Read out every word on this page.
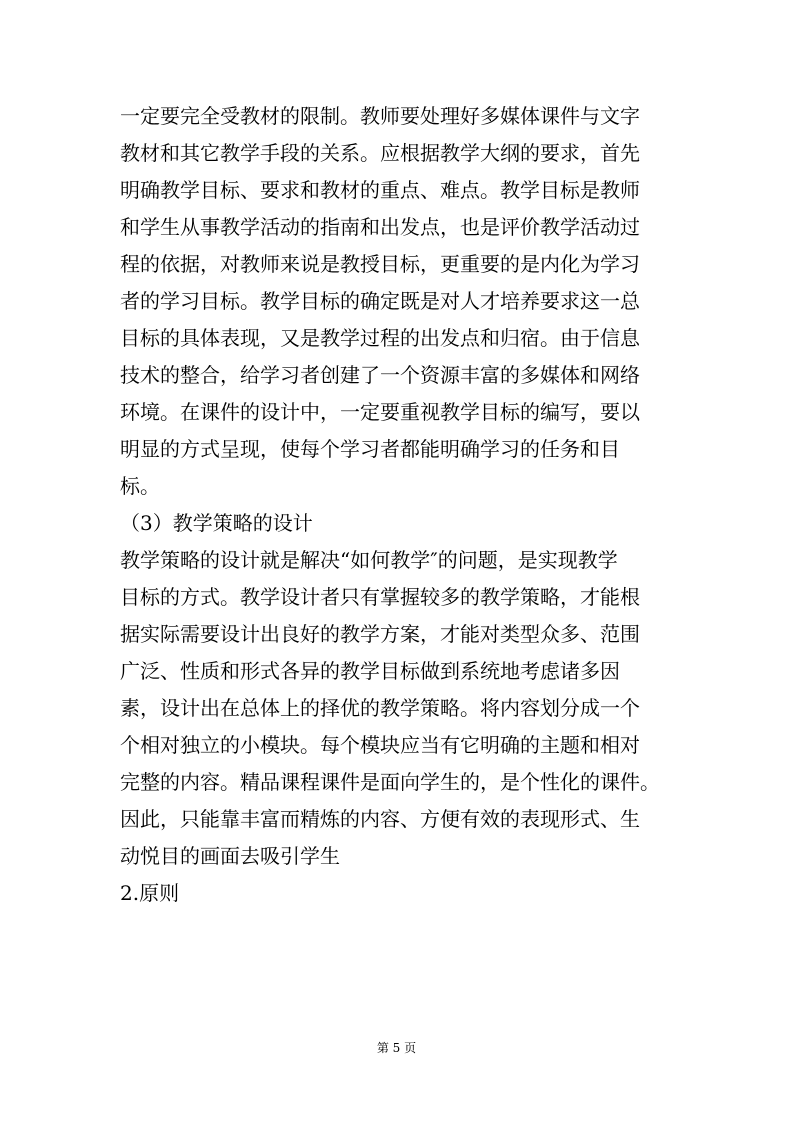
一定要完全受教材的限制。教师要处理好多媒体课件与文字
教材和其它教学手段的关系。应根据教学大纲的要求，首先
明确教学目标、要求和教材的重点、难点。教学目标是教师
和学生从事教学活动的指南和出发点，也是评价教学活动过
程的依据，对教师来说是教授目标，更重要的是内化为学习
者的学习目标。教学目标的确定既是对人才培养要求这一总
目标的具体表现，又是教学过程的出发点和归宿。由于信息
技术的整合，给学习者创建了一个资源丰富的多媒体和网络
环境。在课件的设计中，一定要重视教学目标的编写，要以
明显的方式呈现，使每个学习者都能明确学习的任务和目
标。
（3）教学策略的设计
教学策略的设计就是解决“如何教学″的问题，是实现教学
目标的方式。教学设计者只有掌握较多的教学策略，才能根
据实际需要设计出良好的教学方案，才能对类型众多、范围
广泛、性质和形式各异的教学目标做到系统地考虑诸多因
素，设计出在总体上的择优的教学策略。将内容划分成一个
个相对独立的小模块。每个模块应当有它明确的主题和相对
完整的内容。精品课程课件是面向学生的，是个性化的课件。
因此，只能靠丰富而精炼的内容、方便有效的表现形式、生
动悦目的画面去吸引学生
2.原则
第 5 页
